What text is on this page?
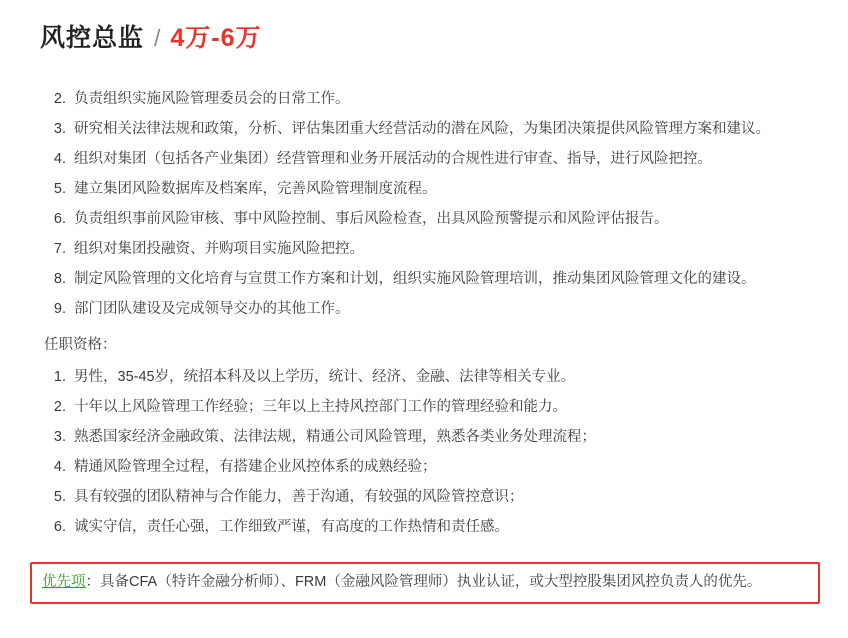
风控总监 / 4万-6万
2. 负责组织实施风险管理委员会的日常工作。
3. 研究相关法律法规和政策，分析、评估集团重大经营活动的潜在风险，为集团决策提供风险管理方案和建议。
4. 组织对集团（包括各产业集团）经营管理和业务开展活动的合规性进行审查、指导，进行风险把控。
5. 建立集团风险数据库及档案库，完善风险管理制度流程。
6. 负责组织事前风险审核、事中风险控制、事后风险检查，出具风险预警提示和风险评估报告。
7. 组织对集团投融资、并购项目实施风险把控。
8. 制定风险管理的文化培育与宣贯工作方案和计划，组织实施风险管理培训，推动集团风险管理文化的建设。
9. 部门团队建设及完成领导交办的其他工作。
任职资格：
1. 男性，35-45岁，统招本科及以上学历，统计、经济、金融、法律等相关专业。
2. 十年以上风险管理工作经验；三年以上主持风控部门工作的管理经验和能力。
3. 熟悉国家经济金融政策、法律法规，精通公司风险管理，熟悉各类业务处理流程；
4. 精通风险管理全过程，有搭建企业风控体系的成熟经验；
5. 具有较强的团队精神与合作能力，善于沟通，有较强的风险管控意识；
6. 诚实守信，责任心强，工作细致严谨，有高度的工作热情和责任感。
优先项：具备CFA（特许金融分析师）、FRM（金融风险管理师）执业认证，或大型控股集团风控负责人的优先。
